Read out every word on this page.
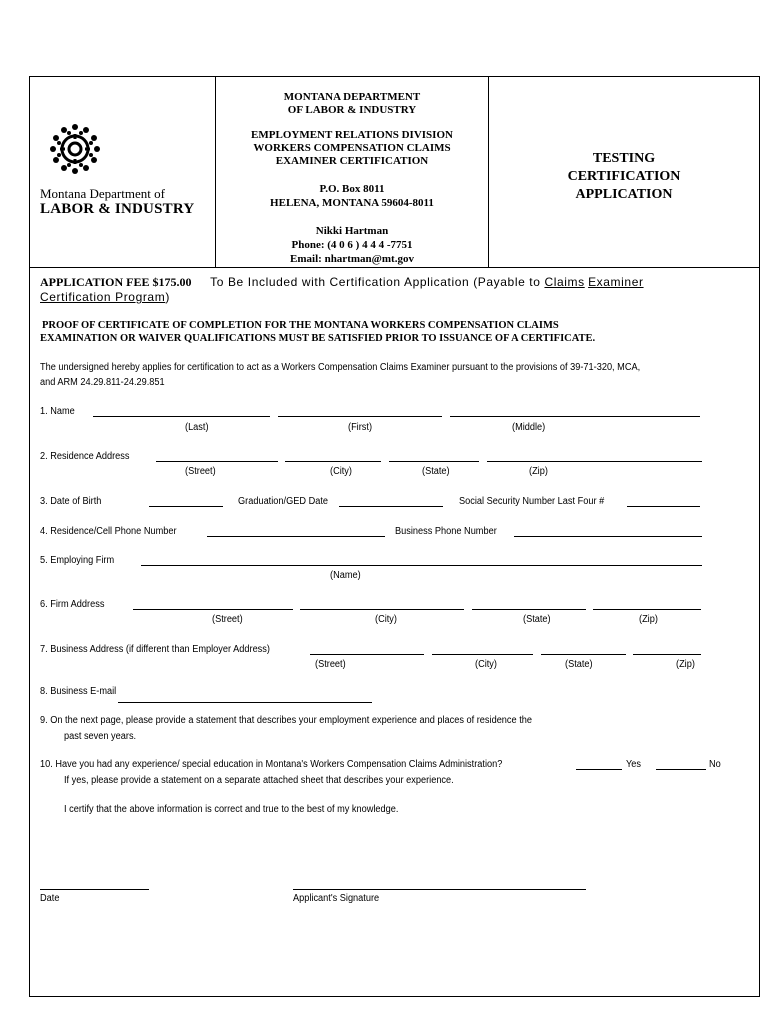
Montana Department of
LABOR & INDUSTRY
MONTANA DEPARTMENT
OF LABOR & INDUSTRY
EMPLOYMENT RELATIONS DIVISION
WORKERS COMPENSATION CLAIMS
EXAMINER CERTIFICATION
P.O. Box 8011
HELENA, MONTANA 59604-8011
Nikki Hartman
Phone: (4 0 6 ) 4 4 4 -7751
Email: nhartman@mt.gov
TESTING
CERTIFICATION
APPLICATION
APPLICATION FEE $175.00 To Be Included with Certification Application (Payable to Claims Examiner
Certification Program)
PROOF OF CERTIFICATE OF COMPLETION FOR THE MONTANA WORKERS COMPENSATION CLAIMS
EXAMINATION OR WAIVER QUALIFICATIONS MUST BE SATISFIED PRIOR TO ISSUANCE OF A CERTIFICATE.
The undersigned hereby applies for certification to act as a Workers Compensation Claims Examiner pursuant to the provisions of 39-71-320, MCA,
and ARM 24.29.811-24.29.851
1. Name
(Last)	(First)	(Middle)
2. Residence Address
(Street)	(City)	(State)	(Zip)
3. Date of Birth	Graduation/GED Date	Social Security Number Last Four #
4. Residence/Cell Phone Number	Business Phone Number
5. Employing Firm
(Name)
6. Firm Address
(Street)	(City)	(State)	(Zip)
7. Business Address (if different than Employer Address)
(Street)	(City)	(State)	(Zip)
8. Business E-mail
9. On the next page, please provide a statement that describes your employment experience and places of residence the
past seven years.
10. Have you had any experience/ special education in Montana's Workers Compensation Claims Administration?	Yes	No
If yes, please provide a statement on a separate attached sheet that describes your experience.
I certify that the above information is correct and true to the best of my knowledge.
Date	Applicant's Signature
